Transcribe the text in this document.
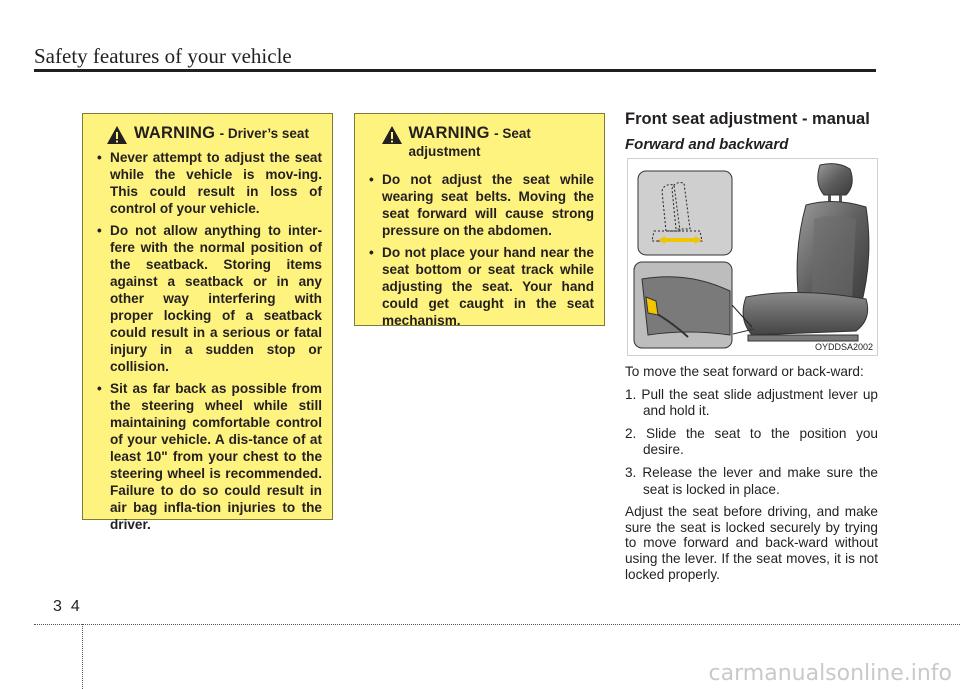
Safety features of your vehicle
WARNING - Driver’s seat
• Never attempt to adjust the seat while the vehicle is mov-ing. This could result in loss of control of your vehicle.
• Do not allow anything to inter-fere with the normal position of the seatback. Storing items against a seatback or in any other way interfering with proper locking of a seatback could result in a serious or fatal injury in a sudden stop or collision.
• Sit as far back as possible from the steering wheel while still maintaining comfortable control of your vehicle. A dis-tance of at least 10" from your chest to the steering wheel is recommended. Failure to do so could result in air bag infla-tion injuries to the driver.
WARNING - Seat adjustment
• Do not adjust the seat while wearing seat belts. Moving the seat forward will cause strong pressure on the abdomen.
• Do not place your hand near the seat bottom or seat track while adjusting the seat. Your hand could get caught in the seat mechanism.
Front seat adjustment - manual
Forward and backward
OYDDSA2002

To move the seat forward or back-ward:

1. Pull the seat slide adjustment lever up and hold it.

2. Slide the seat to the position you desire.

3. Release the lever and make sure the seat is locked in place.

Adjust the seat before driving, and make sure the seat is locked securely by trying to move forward and back-ward without using the lever. If the seat moves, it is not locked properly.

34
carmanualsonline.info
